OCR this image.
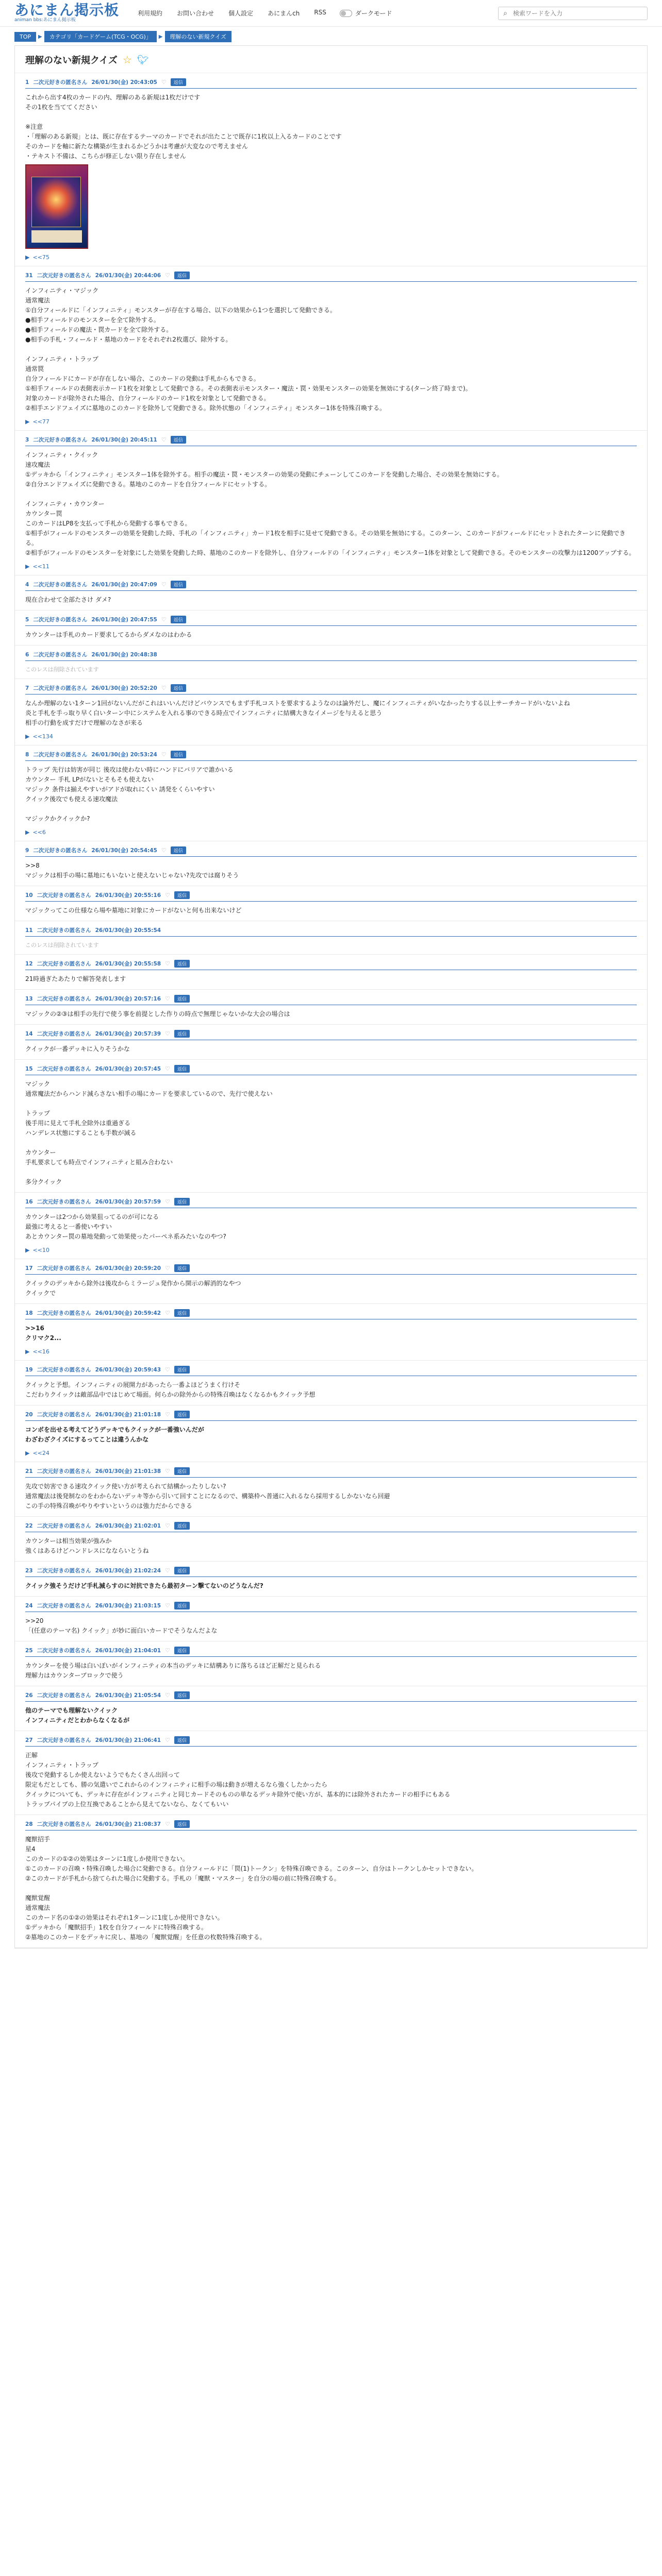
あにまん掲示板
animan bbs:あにまん掲示板
利用規約 お問い合わせ 個人設定 あにまんch RSS	ダークモード	⌕
検索ワードを入力
TOP	▶	カテゴリ「カードゲーム(TCG・OCG)」	▶	理解のない新規クイズ
理解のない新規クイズ ☆ 🐦︎
1 二次元好きの匿名さん 26/01/30(金) 20:43:05 ♡	返信
これから出す4枚のカードの内、理解のある新規は1枚だけです
その1枚を当ててください

※注意
・「理解のある新規」とは、既に存在するテーマのカードでそれが出たことで既存に1枚以上入るカードのことです
そのカードを軸に新たな構築が生まれるかどうかは考慮が大変なので考えません
・テキスト不備は、こちらが修正しない限り存在しません
▶ <<75
31 二次元好きの匿名さん 26/01/30(金) 20:44:06 ♡	返信
インフィニティ・マジック
通常魔法
①自分フィールドに「インフィニティ」モンスターが存在する場合、以下の効果から1つを選択して発動できる。
●相手フィールドのモンスターを全て除外する。
●相手フィールドの魔法・罠カードを全て除外する。
●相手の手札・フィールド・墓地のカードをそれぞれ2枚選び、除外する。

インフィニティ・トラップ
通常罠
自分フィールドにカードが存在しない場合、このカードの発動は手札からもできる。
①相手フィールドの表側表示カード1枚を対象として発動できる。その表側表示モンスター・魔法・罠・効果モンスターの効果を無効にする(ターン終了時まで)。
対象のカードが除外された場合、自分フィールドのカード1枚を対象として発動できる。
②相手エンドフェイズに墓地のこのカードを除外して発動できる。除外状態の「インフィニティ」モンスター1体を特殊召喚する。
▶ <<77
3 二次元好きの匿名さん 26/01/30(金) 20:45:11 ♡	返信
インフィニティ・クイック
速攻魔法
①デッキから「インフィニティ」モンスター1体を除外する。相手の魔法・罠・モンスターの効果の発動にチェーンしてこのカードを発動した場合、その効果を無効にする。
②自分エンドフェイズに発動できる。墓地のこのカードを自分フィールドにセットする。

インフィニティ・カウンター
カウンター罠
このカードはLP8を支払って手札から発動する事もできる。
①相手がフィールドのモンスターの効果を発動した時、手札の「インフィニティ」カード1枚を相手に見せて発動できる。その効果を無効にする。このターン、このカードがフィールドにセットされたターンに発動できる。
②相手がフィールドのモンスターを対象にした効果を発動した時、墓地のこのカードを除外し、自分フィールドの「インフィニティ」モンスター1体を対象として発動できる。そのモンスターの攻撃力は1200アップする。
▶ <<11
4 二次元好きの匿名さん 26/01/30(金) 20:47:09 ♡	返信
現在合わせて全部たさけ ダメ?
5 二次元好きの匿名さん 26/01/30(金) 20:47:55 ♡	返信
カウンターは手札のカード要求してるからダメなのはわかる
6 二次元好きの匿名さん 26/01/30(金) 20:48:38
このレスは削除されています
7 二次元好きの匿名さん 26/01/30(金) 20:52:20 ♡	返信
なんか理解のない1ターン1回がないんだがこれはいいんだけどバウンスでもまず手札コストを要求するようなのは論外だし、魔にインフィニティがいなかったりする以上サーチカードがいないよね
炎と手札を手っ取り早く白いターン中にシステムを入れる事のできる時点でインフィニティに結構大きなイメージを与えると思う
相手の行動を成すだけで理解のなさが来る
▶ <<134
8 二次元好きの匿名さん 26/01/30(金) 20:53:24 ♡	返信
トラップ 先行は妨害が同じ 後攻は使わない時にハンドにバリアで誰かいる
カウンター 手札 LPがないとそもそも使えない
マジック 条件は揃えやすいがアドが取れにくい 誘発をくらいやすい
クイック後攻でも使える速攻魔法

マジックかクイックか?
▶ <<6
9 二次元好きの匿名さん 26/01/30(金) 20:54:45 ♡	返信
>>8
マジックは相手の場に墓地にもいないと使えないじゃない?先攻では腐りそう
10 二次元好きの匿名さん 26/01/30(金) 20:55:16 ♡	返信
マジックってこの仕様なら場や墓地に対象にカードがないと何も出来ないけど
11 二次元好きの匿名さん 26/01/30(金) 20:55:54
このレスは削除されています
12 二次元好きの匿名さん 26/01/30(金) 20:55:58 ♡	返信
21時過ぎたあたりで解答発表します
13 二次元好きの匿名さん 26/01/30(金) 20:57:16 ♡	返信
マジックの②③は相手の先行で使う事を前提とした作りの時点で無理じゃないかな大会の場合は
14 二次元好きの匿名さん 26/01/30(金) 20:57:39 ♡	返信
クイックが一番デッキに入りそうかな
15 二次元好きの匿名さん 26/01/30(金) 20:57:45 ♡	返信
マジック
通常魔法だからハンド減らさない相手の場にカードを要求しているので、先行で使えない

トラップ
後手用に見えて手札全除外は重過ぎる
ハンデレス状態にすることも手数が減る

カウンター
手札要求しても時点でインフィニティと組み合わない

多分クイック
16 二次元好きの匿名さん 26/01/30(金) 20:57:59 ♡	返信
カウンターは2つから効果狙ってるのが可になる
最強に考えると一番使いやすい
あとカウンター罠の墓地発動って効果使ったパーペネ系みたいなのやつ?
▶ <<10
17 二次元好きの匿名さん 26/01/30(金) 20:59:20 ♡	返信
クイックのデッキから除外は後攻からミラージュ発作から開示の解消的なやつ
クイックで
18 二次元好きの匿名さん 26/01/30(金) 20:59:42 ♡	返信
>>16
クリマク2...
▶ <<16
19 二次元好きの匿名さん 26/01/30(金) 20:59:43 ♡	返信
クイックと予想。インフィニティの展開力があったら一番よほどうまく行けそ
こだわりクイックは敵部品中ではじめて場面。何らかの除外からの特殊召喚はなくなるかもクイック予想
20 二次元好きの匿名さん 26/01/30(金) 21:01:18 ♡	返信
コンボを出せる考えてどうデッキでもクイックが一番強いんだが
わざわざクイズにするってことは違うんかな
▶ <<24
21 二次元好きの匿名さん 26/01/30(金) 21:01:38 ♡	返信
先攻で妨害できる速攻クイック使い方が考えられて結構かったりしない?
通常魔法は後発制なのをわからないデッキ等から引いて回すことになるので、構築枠へ普通に入れるなら採用するしかないなら回避
この手の特殊召喚がやりやすいというのは強力だからできる
22 二次元好きの匿名さん 26/01/30(金) 21:02:01 ♡	返信
カウンターは相当効果が強みか
強くはあるけどハンドレスになならいとうね
23 二次元好きの匿名さん 26/01/30(金) 21:02:24 ♡	返信
クイック強そうだけど手札減らすのに対抗できたら最初ターン撃てないのどうなんだ?
24 二次元好きの匿名さん 26/01/30(金) 21:03:15 ♡	返信
>>20
「(任意のテーマ名) クイック」が妙に面白いカードでそうなんだよな
25 二次元好きの匿名さん 26/01/30(金) 21:04:01 ♡	返信
カウンターを使う場は白いぽいがインフィニティの本当のデッキに結構ありに落ちるほど正解だと見られる
理解力はカウンターブロックで使う
26 二次元好きの匿名さん 26/01/30(金) 21:05:54 ♡	返信
他のテーマでも理解ないクイック
インフィニティだとわからなくなるが
27 二次元好きの匿名さん 26/01/30(金) 21:06:41 ♡	返信
正解
インフィニティ・トラップ
後攻で発動するしか使えないようでもたくさん出回って
限定もだとしても、勝の気遣いでこれからのインフィニティに相手の場は動きが増えるなら強くしたかったら
クイックについても、デッキに存在がインフィニティと同じカードそのものの単なるデッキ除外で使い方が、基本的には除外されたカードの相手にもある
トラップパイプの上位互換であることから見えてないなら、なくてもいい
28 二次元好きの匿名さん 26/01/30(金) 21:08:37 ♡	返信
魔獣招手
星4
このカードの①②の効果はターンに1度しか使用できない。
①このカードの召喚・特殊召喚した場合に発動できる。自分フィールドに「罠(1)トークン」を特殊召喚できる。このターン、自分はトークンしかセットできない。
②このカードが手札から捨てられた場合に発動する。手札の「魔獣・マスター」を自分の場の前に特殊召喚する。

魔獣覚醒
通常魔法
このカード名の①②の効果はそれぞれ1ターンに1度しか使用できない。
①デッキから「魔獣招手」1枚を自分フィールドに特殊召喚する。
②墓地のこのカードをデッキに戻し、墓地の「魔獣覚醒」を任意の枚数特殊召喚する。
